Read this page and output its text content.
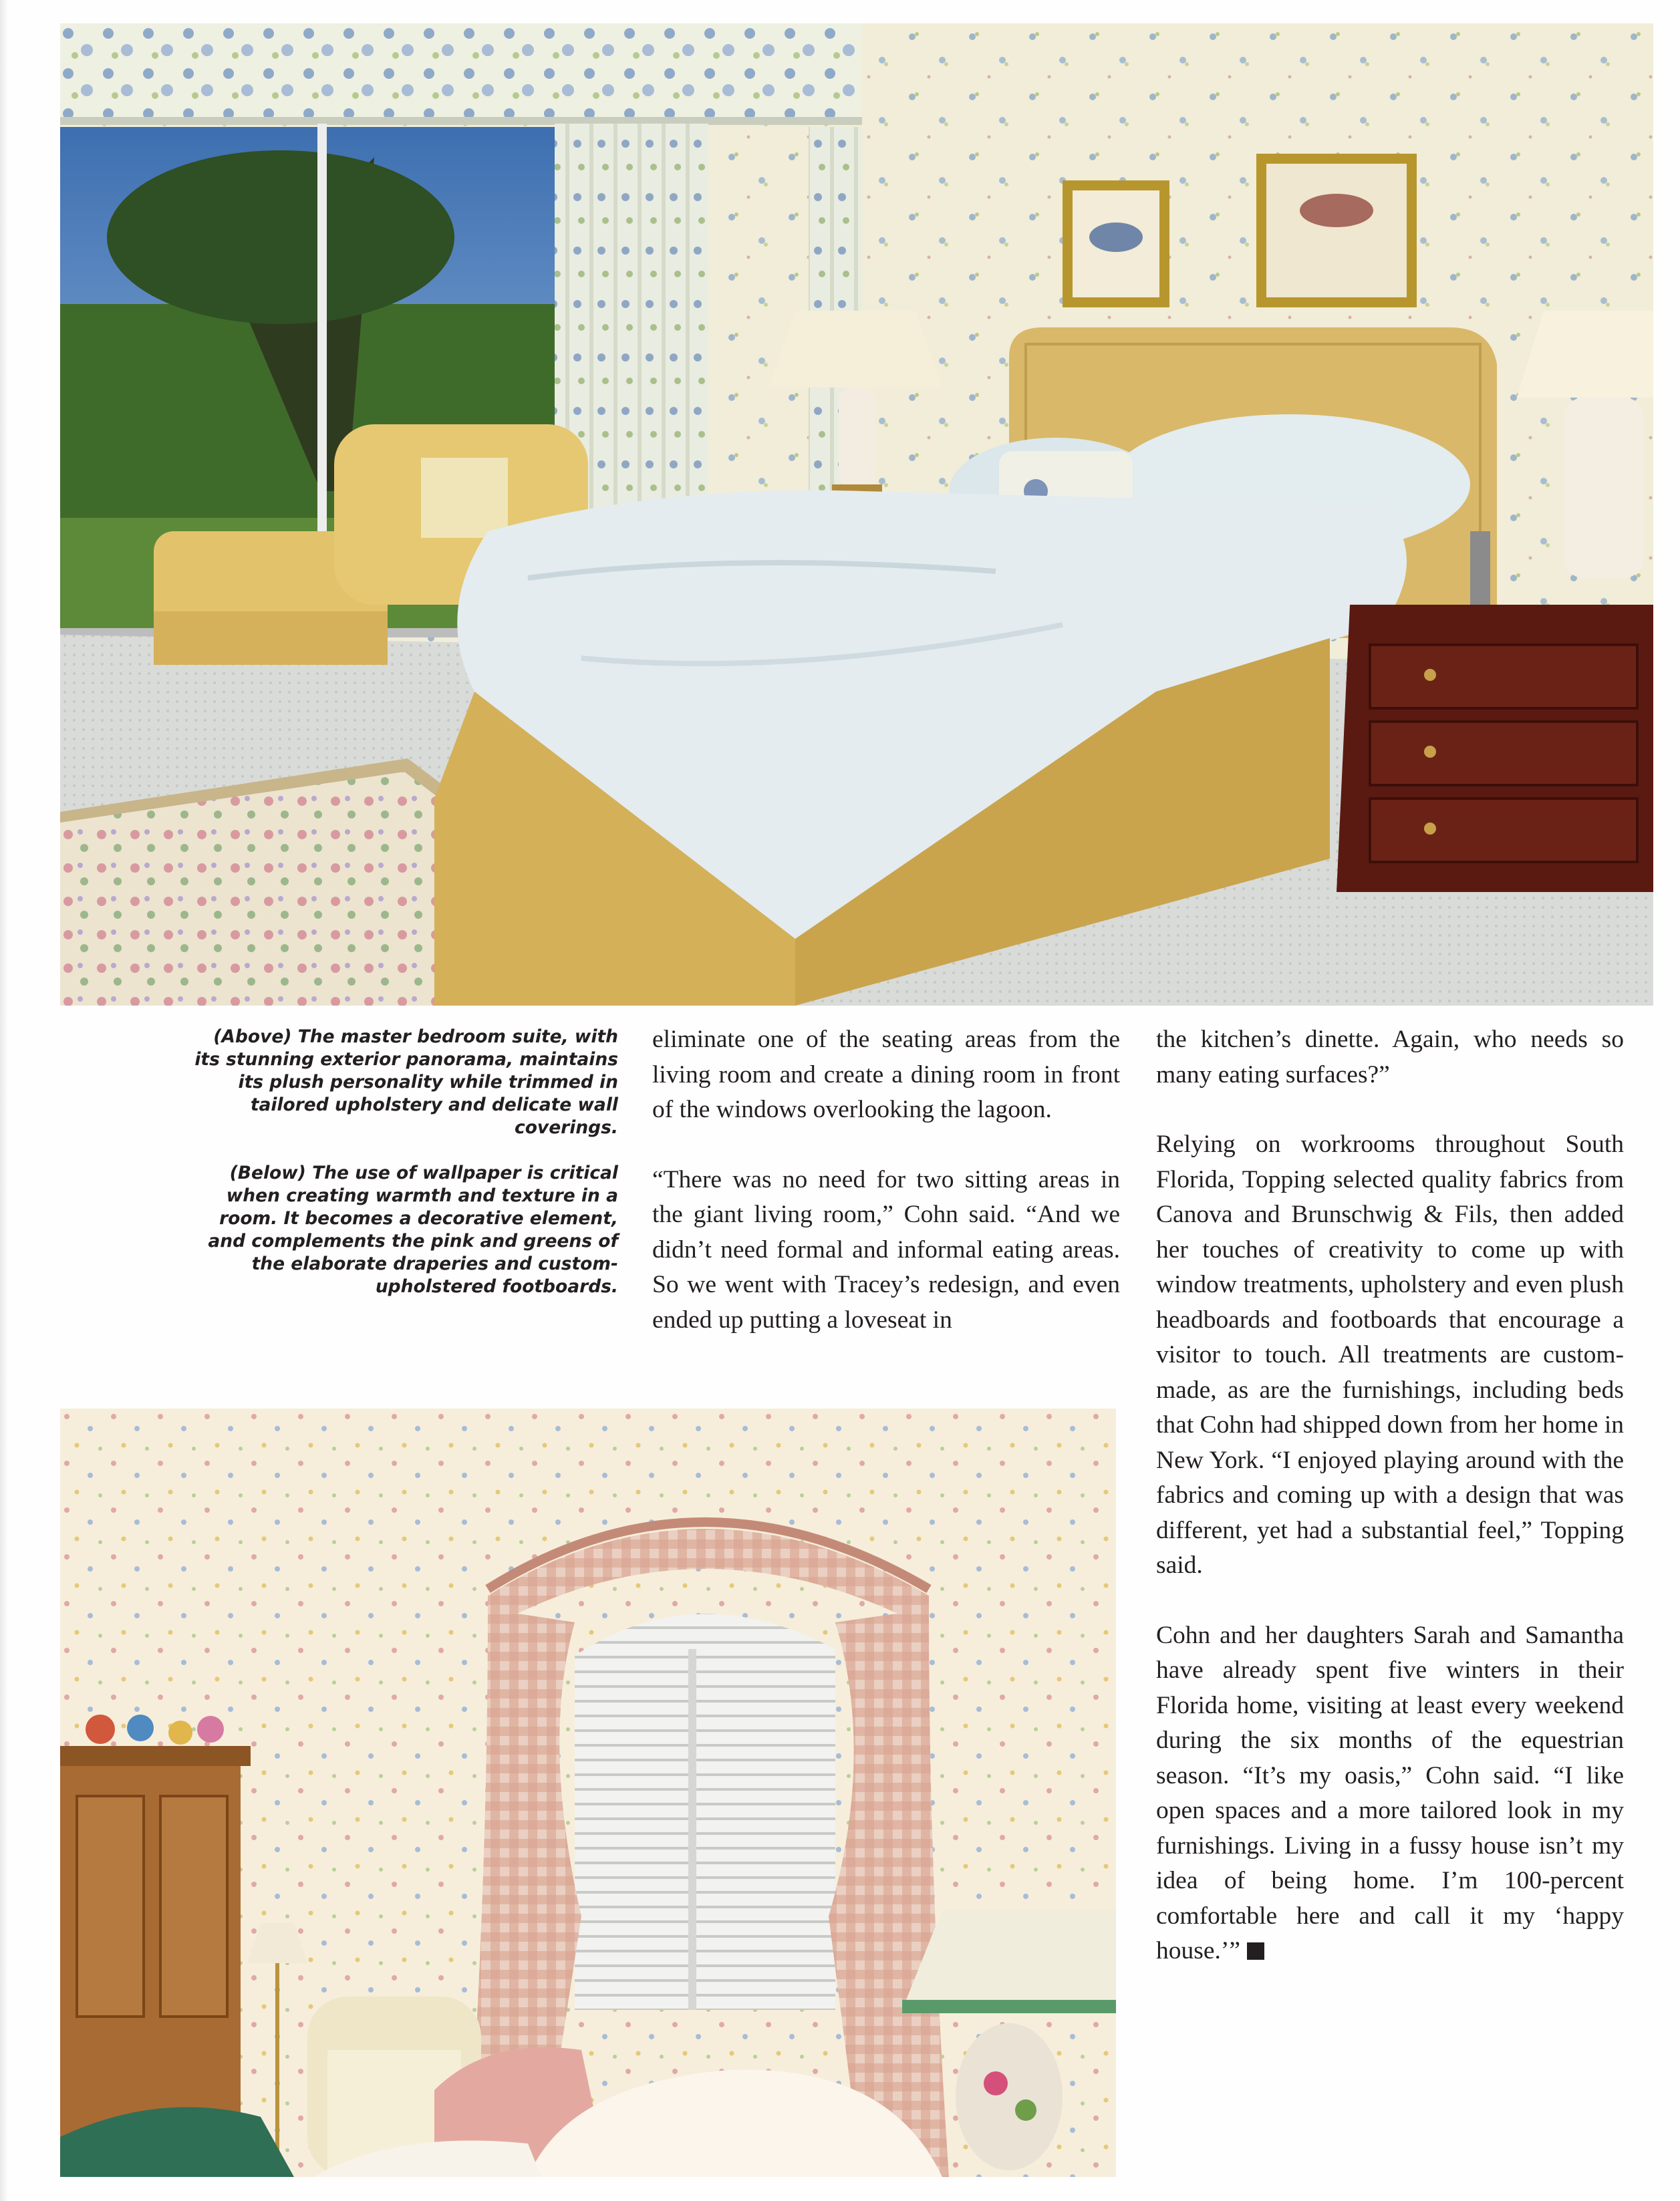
(Above) The master bedroom suite, with its stunning exterior panorama, maintains its plush personality while trimmed in tailored upholstery and delicate wall coverings.

(Below) The use of wallpaper is critical when creating warmth and texture in a room. It becomes a decorative element, and complements the pink and greens of the elaborate draperies and custom-upholstered footboards.

eliminate one of the seating areas from the living room and create a dining room in front of the windows overlooking the lagoon.

“There was no need for two sitting areas in the giant living room,” Cohn said. “And we didn’t need formal and informal eating areas. So we went with Tracey’s redesign, and even ended up putting a loveseat in

the kitchen’s dinette. Again, who needs so many eating surfaces?”

Relying on workrooms throughout South Florida, Topping selected quality fabrics from Canova and Brunschwig & Fils, then added her touches of creativity to come up with window treatments, upholstery and even plush headboards and footboards that encourage a visitor to touch. All treatments are custom-made, as are the furnishings, including beds that Cohn had shipped down from her home in New York. “I enjoyed playing around with the fabrics and coming up with a design that was different, yet had a substantial feel,” Topping said.

Cohn and her daughters Sarah and Samantha have already spent five winters in their Florida home, visiting at least every weekend during the six months of the equestrian season. “It’s my oasis,” Cohn said. “I like open spaces and a more tailored look in my furnishings. Living in a fussy house isn’t my idea of being home. I’m 100-percent comfortable here and call it my ‘happy house.’”
